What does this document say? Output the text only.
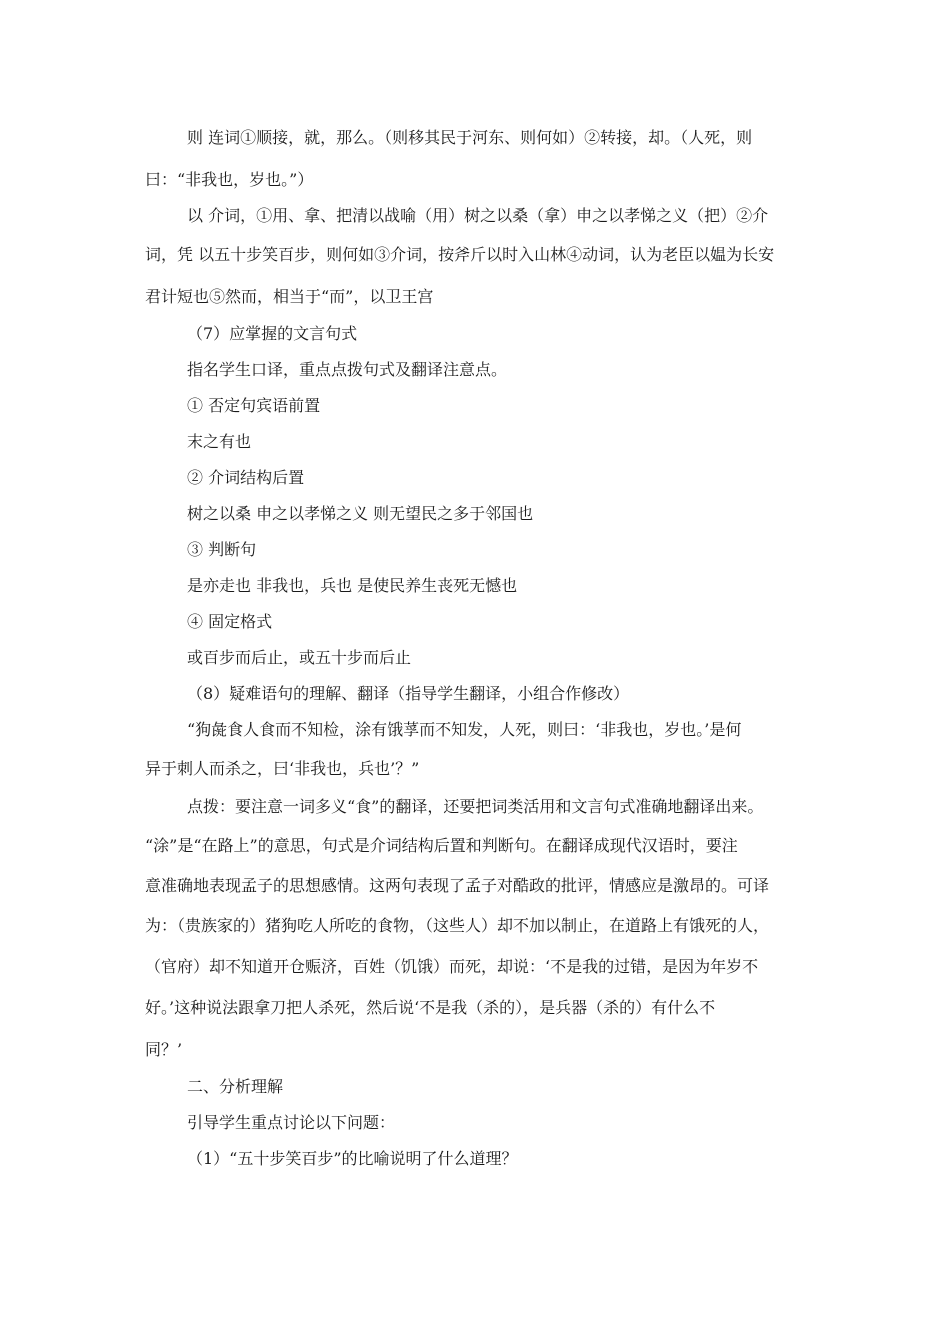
则 连词①顺接，就，那么。（则移其民于河东、则何如）②转接，却。（人死，则

曰：“非我也，岁也。”）

以 介词，①用、拿、把清以战喻（用）树之以桑（拿）申之以孝悌之义（把）②介

词，凭 以五十步笑百步，则何如③介词，按斧斤以时入山林④动词，认为老臣以媪为长安

君计短也⑤然而，相当于“而”，以卫王宫

（7）应掌握的文言句式

指名学生口译，重点点拨句式及翻译注意点。

① 否定句宾语前置

末之有也

② 介词结构后置

树之以桑 申之以孝悌之义 则无望民之多于邻国也

③ 判断句

是亦走也 非我也，兵也 是使民养生丧死无憾也

④ 固定格式

或百步而后止，或五十步而后止

（8）疑难语句的理解、翻译（指导学生翻译，小组合作修改）

“狗彘食人食而不知检，涂有饿莩而不知发，人死，则曰：‘非我也，岁也。’是何

异于刺人而杀之，曰‘非我也，兵也’？”

点拨：要注意一词多义“食”的翻译，还要把词类活用和文言句式准确地翻译出来。

“涂”是“在路上”的意思，句式是介词结构后置和判断句。在翻译成现代汉语时，要注

意准确地表现孟子的思想感情。这两句表现了孟子对酷政的批评，情感应是激昂的。可译

为：（贵族家的）猪狗吃人所吃的食物，（这些人）却不加以制止，在道路上有饿死的人，

（官府）却不知道开仓赈济，百姓（饥饿）而死，却说：‘不是我的过错，是因为年岁不

好。’这种说法跟拿刀把人杀死，然后说‘不是我（杀的），是兵器（杀的）有什么不

同？’

二、分析理解

引导学生重点讨论以下问题：

（1）“五十步笑百步”的比喻说明了什么道理？
